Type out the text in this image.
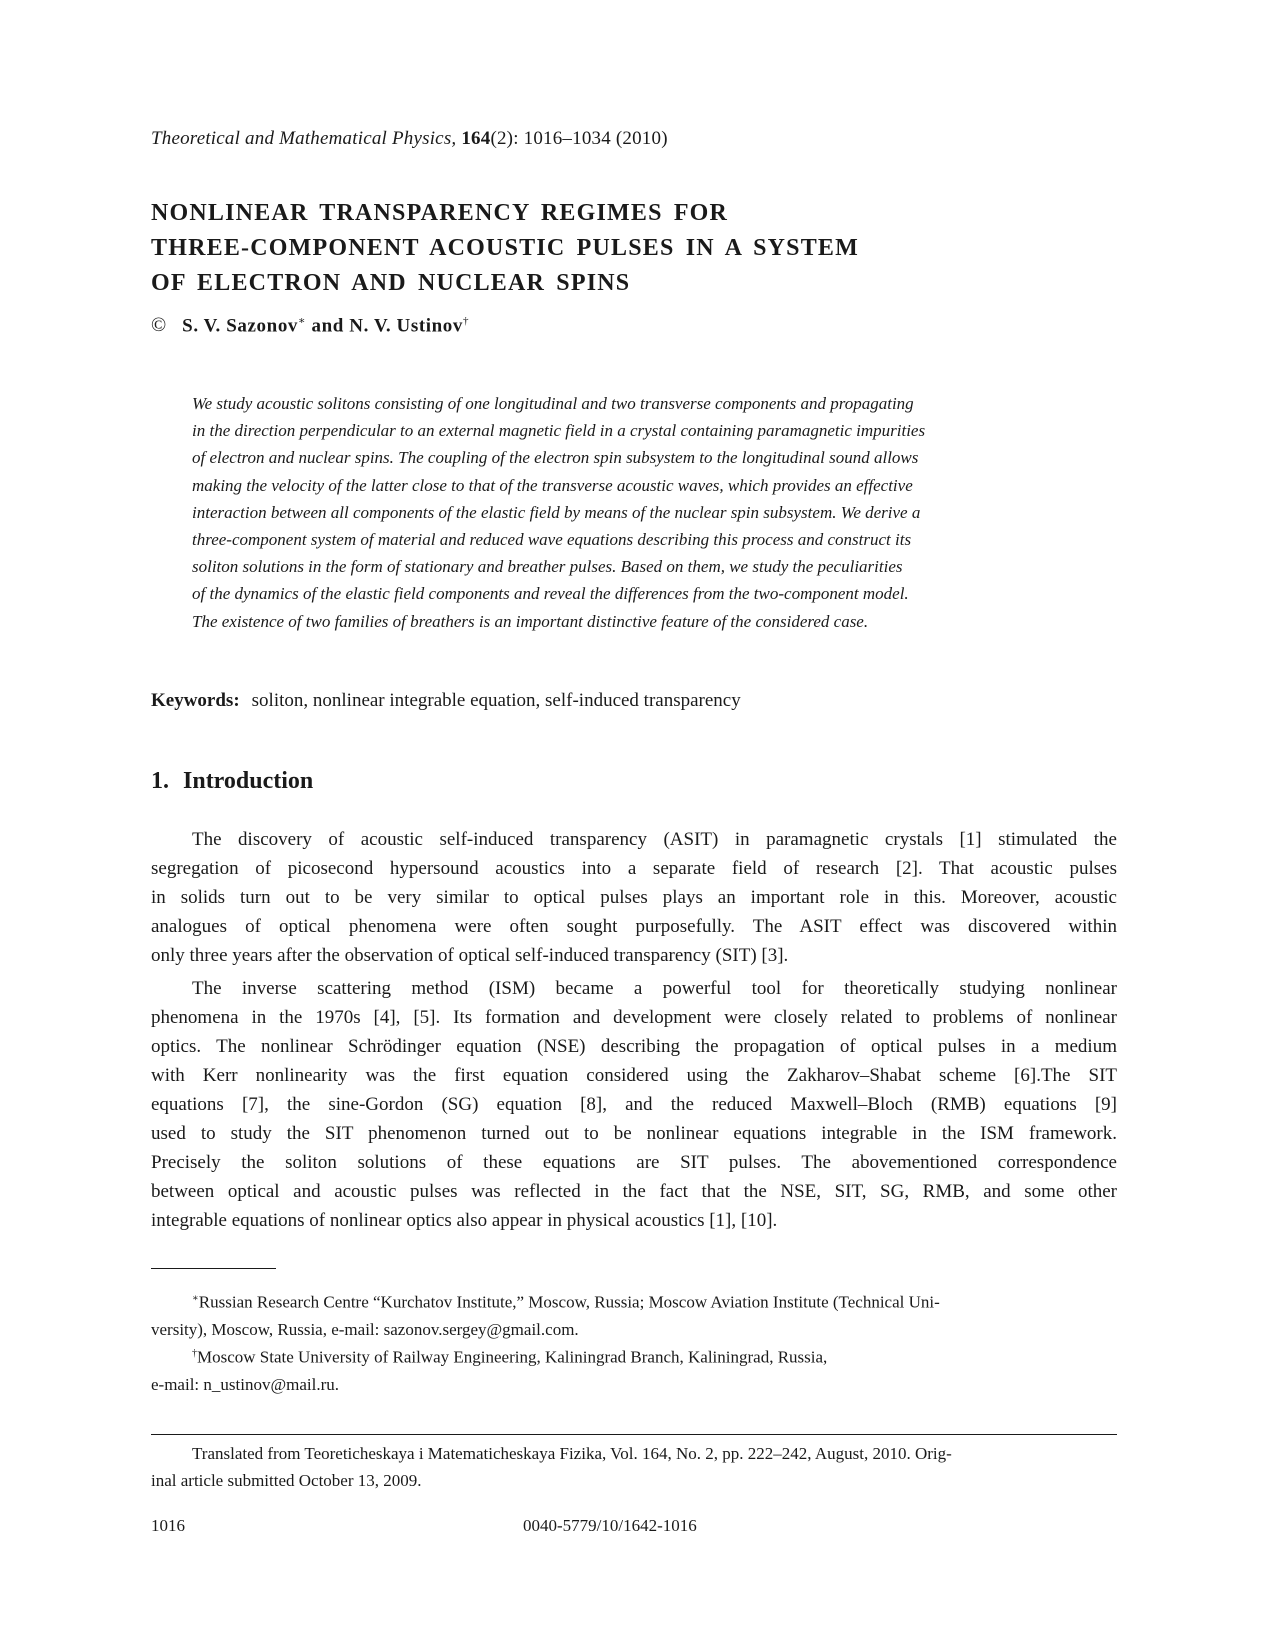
Theoretical and Mathematical Physics, 164(2): 1016–1034 (2010)
NONLINEAR TRANSPARENCY REGIMES FOR
THREE-COMPONENT ACOUSTIC PULSES IN A SYSTEM
OF ELECTRON AND NUCLEAR SPINS
© S. V. Sazonov∗ and N. V. Ustinov†
We study acoustic solitons consisting of one longitudinal and two transverse components and propagating
in the direction perpendicular to an external magnetic field in a crystal containing paramagnetic impurities
of electron and nuclear spins. The coupling of the electron spin subsystem to the longitudinal sound allows
making the velocity of the latter close to that of the transverse acoustic waves, which provides an effective
interaction between all components of the elastic field by means of the nuclear spin subsystem. We derive a
three-component system of material and reduced wave equations describing this process and construct its
soliton solutions in the form of stationary and breather pulses. Based on them, we study the peculiarities
of the dynamics of the elastic field components and reveal the differences from the two-component model.
The existence of two families of breathers is an important distinctive feature of the considered case.
Keywords: soliton, nonlinear integrable equation, self-induced transparency
1. Introduction
The discovery of acoustic self-induced transparency (ASIT) in paramagnetic crystals [1] stimulated the
segregation of picosecond hypersound acoustics into a separate field of research [2]. That acoustic pulses
in solids turn out to be very similar to optical pulses plays an important role in this. Moreover, acoustic
analogues of optical phenomena were often sought purposefully. The ASIT effect was discovered within
only three years after the observation of optical self-induced transparency (SIT) [3].
The inverse scattering method (ISM) became a powerful tool for theoretically studying nonlinear
phenomena in the 1970s [4], [5]. Its formation and development were closely related to problems of nonlinear
optics. The nonlinear Schrödinger equation (NSE) describing the propagation of optical pulses in a medium
with Kerr nonlinearity was the first equation considered using the Zakharov–Shabat scheme [6].The SIT
equations [7], the sine-Gordon (SG) equation [8], and the reduced Maxwell–Bloch (RMB) equations [9]
used to study the SIT phenomenon turned out to be nonlinear equations integrable in the ISM framework.
Precisely the soliton solutions of these equations are SIT pulses. The abovementioned correspondence
between optical and acoustic pulses was reflected in the fact that the NSE, SIT, SG, RMB, and some other
integrable equations of nonlinear optics also appear in physical acoustics [1], [10].
∗Russian Research Centre “Kurchatov Institute,” Moscow, Russia; Moscow Aviation Institute (Technical Uni-
versity), Moscow, Russia, e-mail: sazonov.sergey@gmail.com.
†Moscow State University of Railway Engineering, Kaliningrad Branch, Kaliningrad, Russia,
e-mail: n_ustinov@mail.ru.
Translated from Teoreticheskaya i Matematicheskaya Fizika, Vol. 164, No. 2, pp. 222–242, August, 2010. Orig-
inal article submitted October 13, 2009.
1016	0040-5779/10/1642-1016
